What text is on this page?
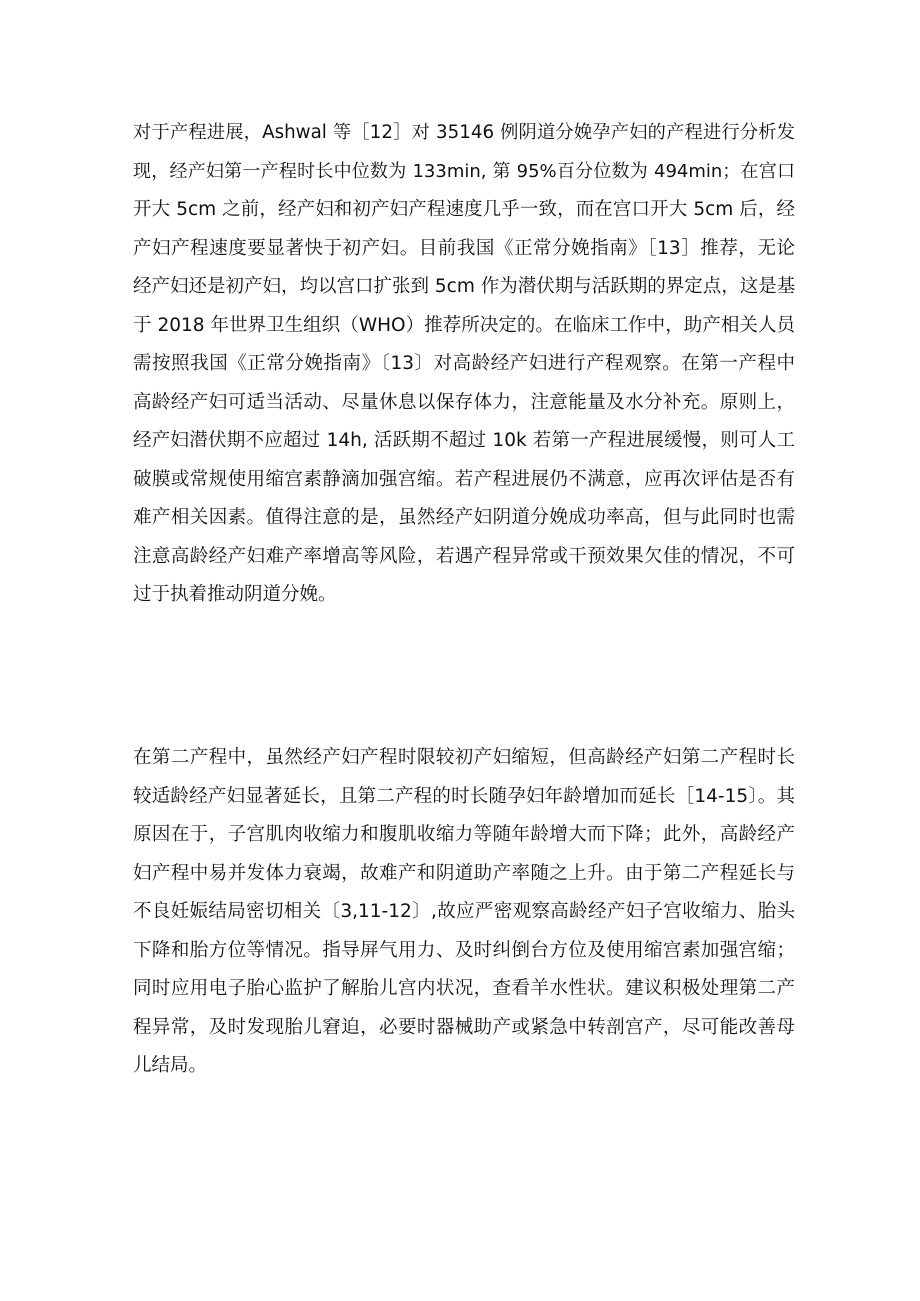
对于产程进展，Ashwal 等［12］对 35146 例阴道分娩孕产妇的产程进行分析发
现，经产妇第一产程时长中位数为 133min, 第 95%百分位数为 494min；在宫口
开大 5cm 之前，经产妇和初产妇产程速度几乎一致，而在宫口开大 5cm 后，经
产妇产程速度要显著快于初产妇。目前我国《正常分娩指南》［13］推荐，无论
经产妇还是初产妇，均以宫口扩张到 5cm 作为潜伏期与活跃期的界定点，这是基
于 2018 年世界卫生组织（WHO）推荐所决定的。在临床工作中，助产相关人员
需按照我国《正常分娩指南》〔13〕对高龄经产妇进行产程观察。在第一产程中
高龄经产妇可适当活动、尽量休息以保存体力，注意能量及水分补充。原则上，
经产妇潜伏期不应超过 14h, 活跃期不超过 10k 若第一产程进展缓慢，则可人工
破膜或常规使用缩宫素静滴加强宫缩。若产程进展仍不满意，应再次评估是否有
难产相关因素。值得注意的是，虽然经产妇阴道分娩成功率高，但与此同时也需
注意高龄经产妇难产率增高等风险，若遇产程异常或干预效果欠佳的情况，不可
过于执着推动阴道分娩。
在第二产程中，虽然经产妇产程时限较初产妇缩短，但高龄经产妇第二产程时长
较适龄经产妇显著延长，且第二产程的时长随孕妇年龄增加而延长［14-15〕。其
原因在于，子宫肌肉收缩力和腹肌收缩力等随年龄增大而下降；此外，高龄经产
妇产程中易并发体力衰竭，故难产和阴道助产率随之上升。由于第二产程延长与
不良妊娠结局密切相关〔3,11-12〕,故应严密观察高龄经产妇子宫收缩力、胎头
下降和胎方位等情况。指导屏气用力、及时纠倒台方位及使用缩宫素加强宫缩；
同时应用电子胎心监护了解胎儿宫内状况，查看羊水性状。建议积极处理第二产
程异常，及时发现胎儿窘迫，必要时器械助产或紧急中转剖宫产，尽可能改善母
儿结局。
